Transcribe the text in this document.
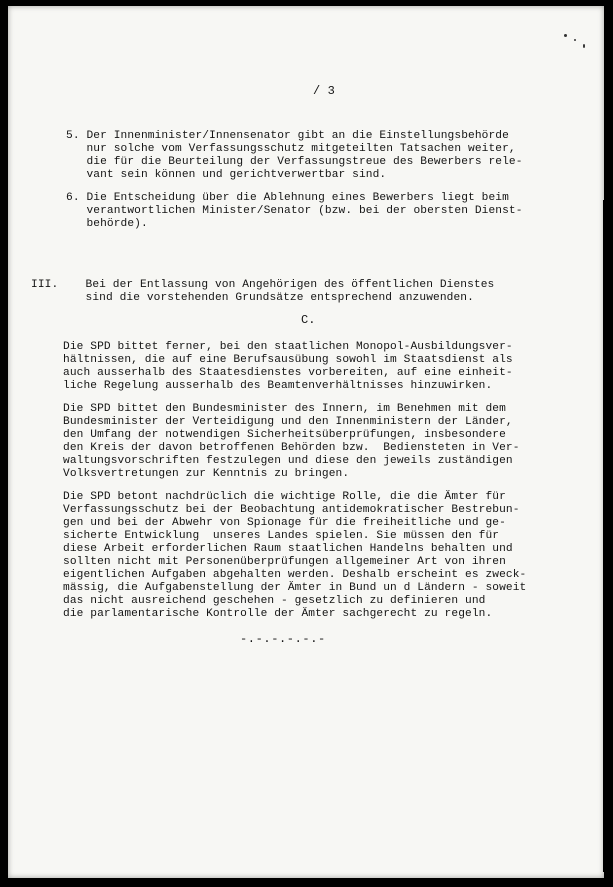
/ 3
5. Der Innenminister/Innensenator gibt an die Einstellungsbehörde
nur solche vom Verfassungsschutz mitgeteilten Tatsachen weiter,
die für die Beurteilung der Verfassungstreue des Bewerbers rele-
vant sein können und gerichtverwertbar sind.
6. Die Entscheidung über die Ablehnung eines Bewerbers liegt beim
verantwortlichen Minister/Senator (bzw. bei der obersten Dienst-
behörde).
III.    Bei der Entlassung von Angehörigen des öffentlichen Dienstes
sind die vorstehenden Grundsätze entsprechend anzuwenden.
C.
Die SPD bittet ferner, bei den staatlichen Monopol-Ausbildungsver-
hältnissen, die auf eine Berufsausübung sowohl im Staatsdienst als
auch ausserhalb des Staatesdienstes vorbereiten, auf eine einheit-
liche Regelung ausserhalb des Beamtenverhältnisses hinzuwirken.
Die SPD bittet den Bundesminister des Innern, im Benehmen mit dem
Bundesminister der Verteidigung und den Innenministern der Länder,
den Umfang der notwendigen Sicherheitsüberprüfungen, insbesondere
den Kreis der davon betroffenen Behörden bzw.  Bediensteten in Ver-
waltungsvorschriften festzulegen und diese den jeweils zuständigen
Volksvertretungen zur Kenntnis zu bringen.
Die SPD betont nachdrüclich die wichtige Rolle, die die Ämter für
Verfassungsschutz bei der Beobachtung antidemokratischer Bestrebun-
gen und bei der Abwehr von Spionage für die freiheitliche und ge-
sicherte Entwicklung  unseres Landes spielen. Sie müssen den für
diese Arbeit erforderlichen Raum staatlichen Handelns behalten und
sollten nicht mit Personenüberprüfungen allgemeiner Art von ihren
eigentlichen Aufgaben abgehalten werden. Deshalb erscheint es zweck-
mässig, die Aufgabenstellung der Ämter in Bund un d Ländern - soweit
das nicht ausreichend geschehen - gesetzlich zu definieren und
die parlamentarische Kontrolle der Ämter sachgerecht zu regeln.
-.-.-.-.-.-
